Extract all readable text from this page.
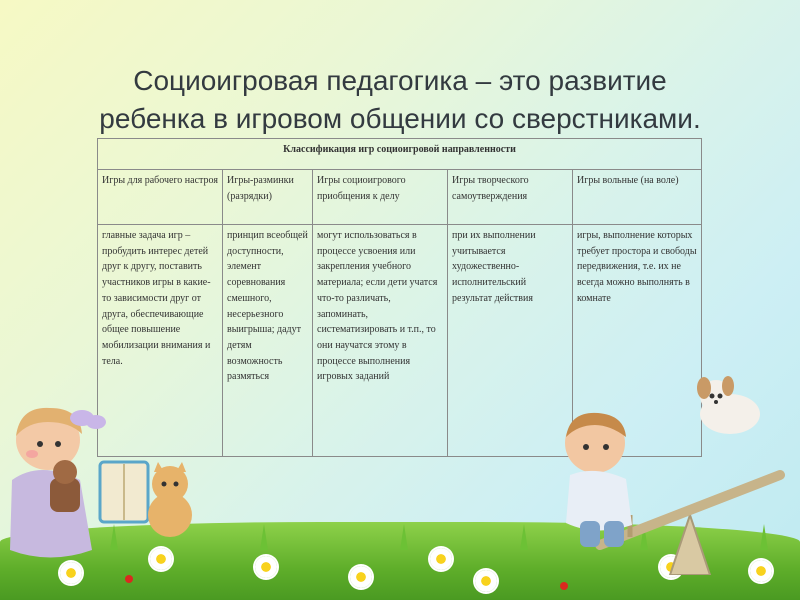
Социоигровая педагогика – это развитие
ребенка в игровом общении со сверстниками.
Классификация игр социоигровой направленности				
Игры для рабочего настроя	Игры-разминки (разрядки)	Игры социоигрового приобщения к делу	Игры творческого самоутверждения	Игры вольные (на воле)
главные задача игр – пробудить интерес детей друг к другу, поставить участников игры в какие-то зависимости друг от друга, обеспечивающие общее повышение мобилизации внимания и тела.	принцип всеобщей доступности, элемент соревнования смешного, несерьезного выигрыша; дадут детям возможность размяться	могут использоваться в процессе усвоения или закрепления учебного материала; если дети учатся что-то различать, запоминать, систематизировать и т.п., то они научатся этому в процессе выполнения игровых заданий	при их выполнении учитывается художественно-исполнительский результат действия	игры, выполнение которых требует простора и свободы передвижения, т.е. их не всегда можно выполнять в комнате
